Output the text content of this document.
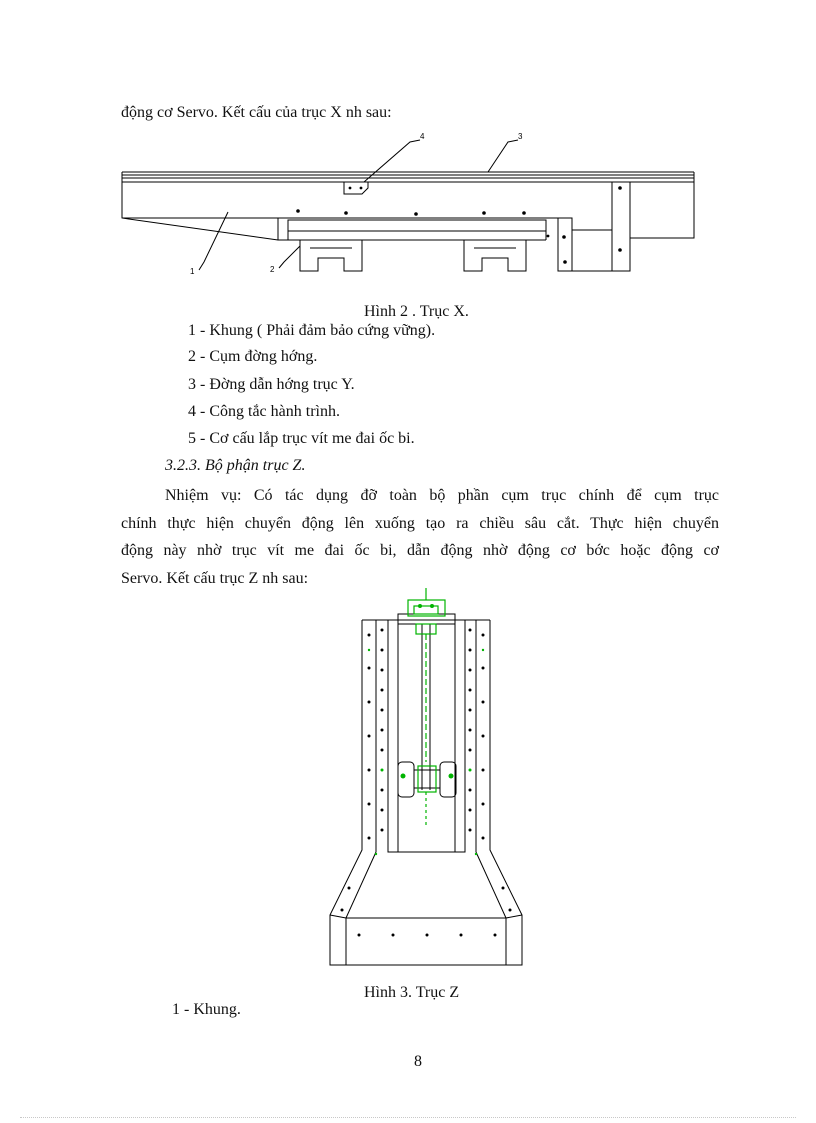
động cơ Servo. Kết cấu của trục X nh sau:
1	2
3
4
Hình 2 . Trục X.
1 - Khung ( Phải đảm bảo cứng vững).
2 - Cụm đờng hớng.
3 - Đờng dẫn hớng trục Y.
4 - Công tắc hành trình.
5 - Cơ cấu lắp trục vít me đai ốc bi.
3.2.3. Bộ phận trục Z.
Nhiệm vụ: Có tác dụng đỡ toàn bộ phần cụm trục chính để cụm trục
chính thực hiện chuyển động lên xuống tạo ra chiều sâu cắt. Thực hiện chuyển
động này nhờ trục vít me đai ốc bi, dẫn động nhờ động cơ bớc hoặc động cơ
Servo. Kết cấu trục Z nh sau:
Hình 3. Trục Z
1 - Khung.
8
